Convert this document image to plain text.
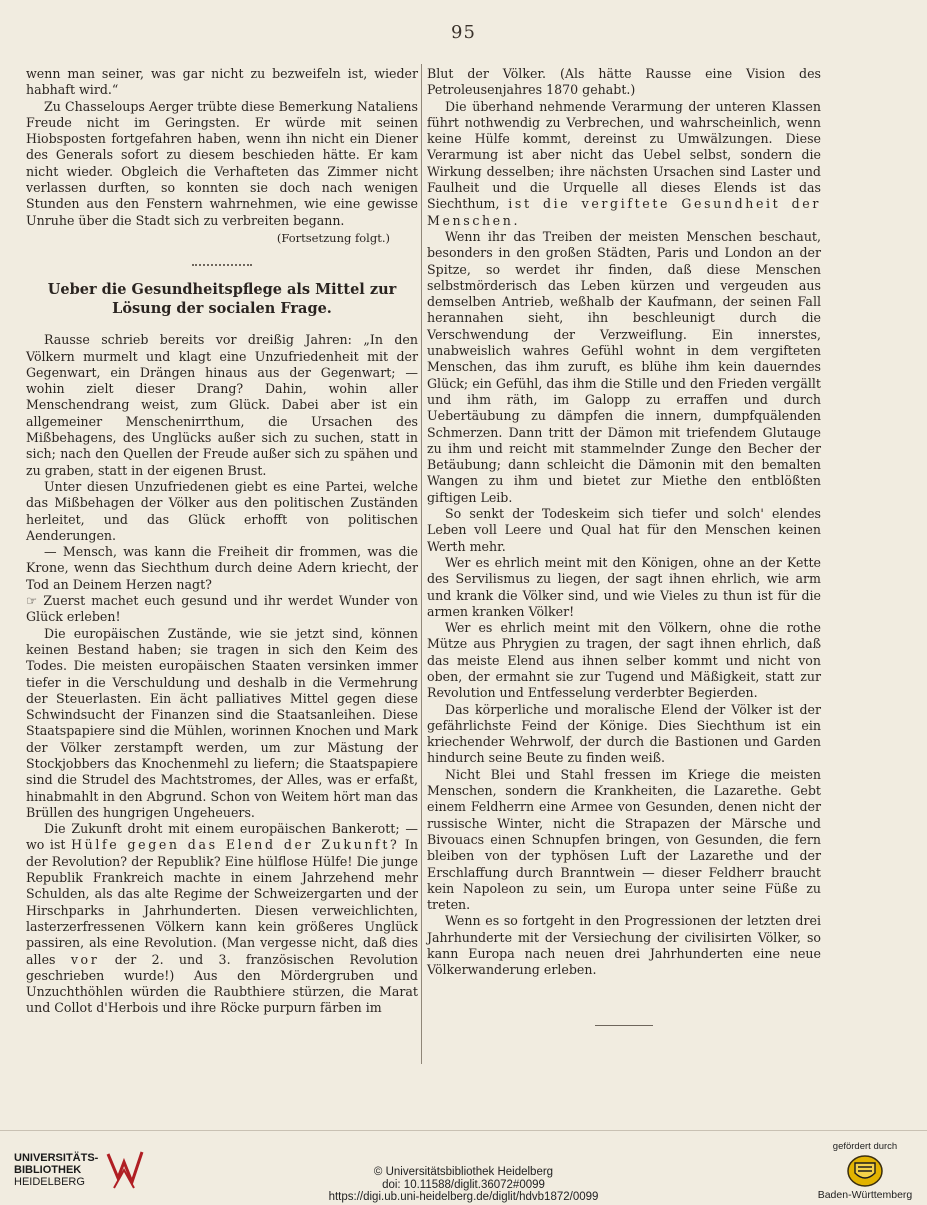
95

wenn man seiner, was gar nicht zu bezweifeln ist, wieder habhaft wird.“

Zu Chasseloups Aerger trübte diese Bemerkung Nataliens Freude nicht im Geringsten. Er würde mit seinen Hiobsposten fortgefahren haben, wenn ihn nicht ein Diener des Generals sofort zu diesem beschieden hätte. Er kam nicht wieder. Obgleich die Verhafteten das Zimmer nicht verlassen durften, so konnten sie doch nach wenigen Stunden aus den Fenstern wahrnehmen, wie eine gewisse Unruhe über die Stadt sich zu verbreiten begann.

(Fortsetzung folgt.)

Ueber die Gesundheitspflege als Mittel zur
Lösung der socialen Frage.

Rausse schrieb bereits vor dreißig Jahren: „In den Völkern murmelt und klagt eine Unzufriedenheit mit der Gegenwart, ein Drängen hinaus aus der Gegenwart; — wohin zielt dieser Drang? Dahin, wohin aller Menschendrang weist, zum Glück. Dabei aber ist ein allgemeiner Menschenirrthum, die Ursachen des Mißbehagens, des Unglücks außer sich zu suchen, statt in sich; nach den Quellen der Freude außer sich zu spähen und zu graben, statt in der eigenen Brust.

Unter diesen Unzufriedenen giebt es eine Partei, welche das Mißbehagen der Völker aus den politischen Zuständen herleitet, und das Glück erhofft von politischen Aenderungen.

— Mensch, was kann die Freiheit dir frommen, was die Krone, wenn das Siechthum durch deine Adern kriecht, der Tod an Deinem Herzen nagt?

☞ Zuerst machet euch gesund und ihr werdet Wunder von Glück erleben!

Die europäischen Zustände, wie sie jetzt sind, können keinen Bestand haben; sie tragen in sich den Keim des Todes. Die meisten europäischen Staaten versinken immer tiefer in die Verschuldung und deshalb in die Vermehrung der Steuerlasten. Ein ächt palliatives Mittel gegen diese Schwindsucht der Finanzen sind die Staatsanleihen. Diese Staatspapiere sind die Mühlen, worinnen Knochen und Mark der Völker zerstampft werden, um zur Mästung der Stockjobbers das Knochenmehl zu liefern; die Staatspapiere sind die Strudel des Machtstromes, der Alles, was er erfaßt, hinabmahlt in den Abgrund. Schon von Weitem hört man das Brüllen des hungrigen Ungeheuers.

Die Zukunft droht mit einem europäischen Bankerott; — wo ist Hülfe gegen das Elend der Zukunft? In der Revolution? der Republik? Eine hülflose Hülfe! Die junge Republik Frankreich machte in einem Jahrzehend mehr Schulden, als das alte Regime der Schweizergarten und der Hirschparks in Jahrhunderten. Diesen verweichlichten, lasterzerfressenen Völkern kann kein größeres Unglück passiren, als eine Revolution. (Man vergesse nicht, daß dies alles vor der 2. und 3. französischen Revolution geschrieben wurde!) Aus den Mördergruben und Unzuchthöhlen würden die Raubthiere stürzen, die Marat und Collot d'Herbois und ihre Röcke purpurn färben im

Blut der Völker. (Als hätte Rausse eine Vision des Petroleusenjahres 1870 gehabt.)

Die überhand nehmende Verarmung der unteren Klassen führt nothwendig zu Verbrechen, und wahrscheinlich, wenn keine Hülfe kommt, dereinst zu Umwälzungen. Diese Verarmung ist aber nicht das Uebel selbst, sondern die Wirkung desselben; ihre nächsten Ursachen sind Laster und Faulheit und die Urquelle all dieses Elends ist das Siechthum, ist die vergiftete Gesundheit der Menschen.

Wenn ihr das Treiben der meisten Menschen beschaut, besonders in den großen Städten, Paris und London an der Spitze, so werdet ihr finden, daß diese Menschen selbstmörderisch das Leben kürzen und vergeuden aus demselben Antrieb, weßhalb der Kaufmann, der seinen Fall herannahen sieht, ihn beschleunigt durch die Verschwendung der Verzweiflung. Ein innerstes, unabweislich wahres Gefühl wohnt in dem vergifteten Menschen, das ihm zuruft, es blühe ihm kein dauerndes Glück; ein Gefühl, das ihm die Stille und den Frieden vergällt und ihm räth, im Galopp zu erraffen und durch Uebertäubung zu dämpfen die innern, dumpfquälenden Schmerzen. Dann tritt der Dämon mit triefendem Glutauge zu ihm und reicht mit stammelnder Zunge den Becher der Betäubung; dann schleicht die Dämonin mit den bemalten Wangen zu ihm und bietet zur Miethe den entblößten giftigen Leib.

So senkt der Todeskeim sich tiefer und solch' elendes Leben voll Leere und Qual hat für den Menschen keinen Werth mehr.

Wer es ehrlich meint mit den Königen, ohne an der Kette des Servilismus zu liegen, der sagt ihnen ehrlich, wie arm und krank die Völker sind, und wie Vieles zu thun ist für die armen kranken Völker!

Wer es ehrlich meint mit den Völkern, ohne die rothe Mütze aus Phrygien zu tragen, der sagt ihnen ehrlich, daß das meiste Elend aus ihnen selber kommt und nicht von oben, der ermahnt sie zur Tugend und Mäßigkeit, statt zur Revolution und Entfesselung verderbter Begierden.

Das körperliche und moralische Elend der Völker ist der gefährlichste Feind der Könige. Dies Siechthum ist ein kriechender Wehrwolf, der durch die Bastionen und Garden hindurch seine Beute zu finden weiß.

Nicht Blei und Stahl fressen im Kriege die meisten Menschen, sondern die Krankheiten, die Lazarethe. Gebt einem Feldherrn eine Armee von Gesunden, denen nicht der russische Winter, nicht die Strapazen der Märsche und Bivouacs einen Schnupfen bringen, von Gesunden, die fern bleiben von der typhösen Luft der Lazarethe und der Erschlaffung durch Branntwein — dieser Feldherr braucht kein Napoleon zu sein, um Europa unter seine Füße zu treten.

Wenn es so fortgeht in den Progressionen der letzten drei Jahrhunderte mit der Versiechung der civilisirten Völker, so kann Europa nach neuen drei Jahrhunderten eine neue Völkerwanderung erleben.

UNIVERSITÄTS-
BIBLIOTHEK
HEIDELBERG
© Universitätsbibliothek Heidelberg
doi: 10.11588/diglit.36072#0099
https://digi.ub.uni-heidelberg.de/diglit/hdvb1872/0099
gefördert durch
Baden-Württemberg
